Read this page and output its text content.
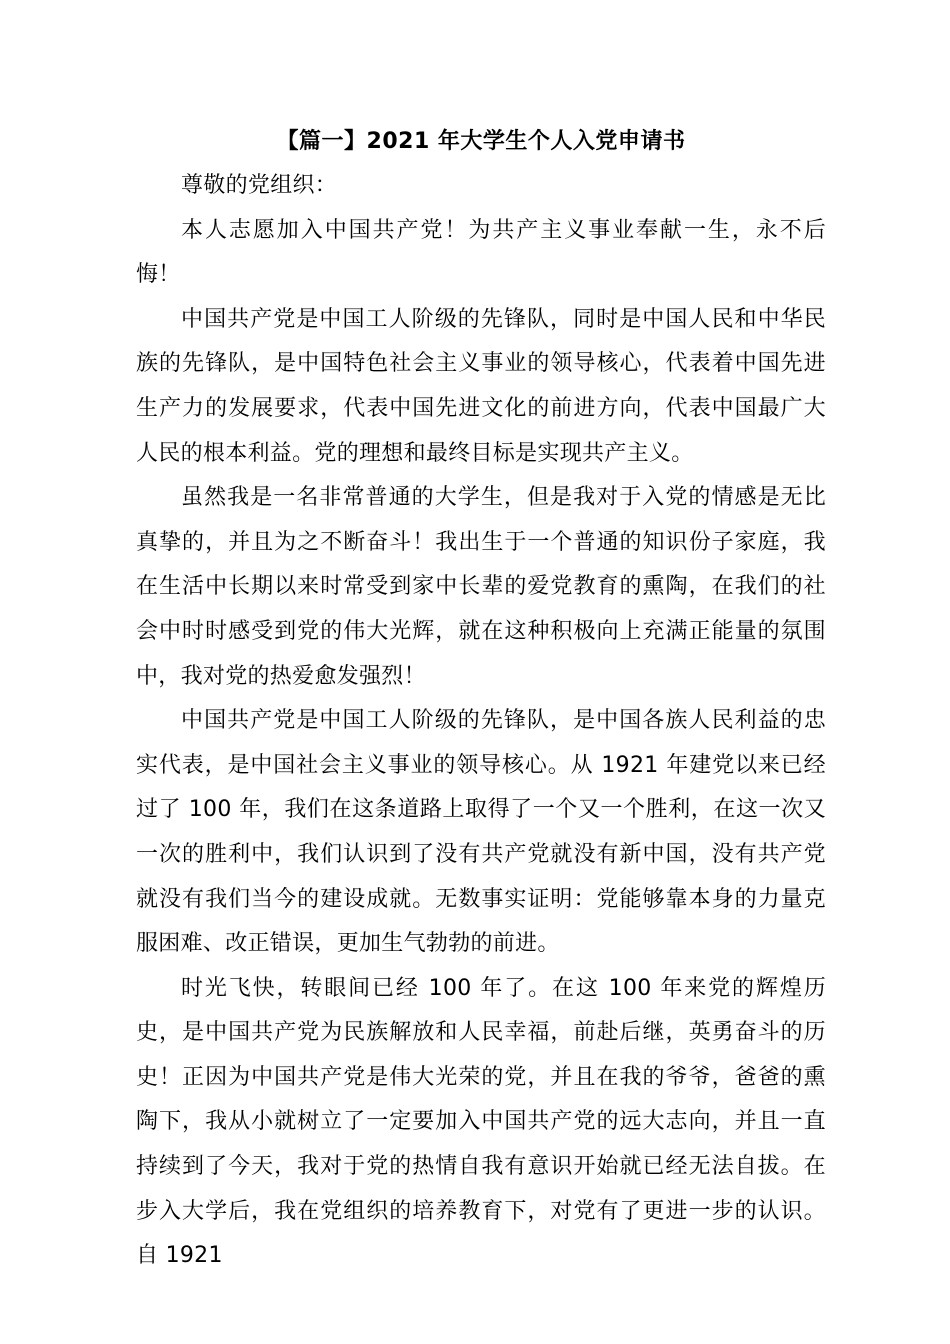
【篇一】2021 年大学生个人入党申请书

尊敬的党组织：

本人志愿加入中国共产党！为共产主义事业奉献一生，永不后悔！

中国共产党是中国工人阶级的先锋队，同时是中国人民和中华民族的先锋队，是中国特色社会主义事业的领导核心，代表着中国先进生产力的发展要求，代表中国先进文化的前进方向，代表中国最广大人民的根本利益。党的理想和最终目标是实现共产主义。

虽然我是一名非常普通的大学生，但是我对于入党的情感是无比真挚的，并且为之不断奋斗！我出生于一个普通的知识份子家庭，我在生活中长期以来时常受到家中长辈的爱党教育的熏陶，在我们的社会中时时感受到党的伟大光辉，就在这种积极向上充满正能量的氛围中，我对党的热爱愈发强烈！

中国共产党是中国工人阶级的先锋队，是中国各族人民利益的忠实代表，是中国社会主义事业的领导核心。从 1921 年建党以来已经过了 100 年，我们在这条道路上取得了一个又一个胜利，在这一次又一次的胜利中，我们认识到了没有共产党就没有新中国，没有共产党就没有我们当今的建设成就。无数事实证明：党能够靠本身的力量克服困难、改正错误，更加生气勃勃的前进。

时光飞快，转眼间已经 100 年了。在这 100 年来党的辉煌历史，是中国共产党为民族解放和人民幸福，前赴后继，英勇奋斗的历史！正因为中国共产党是伟大光荣的党，并且在我的爷爷，爸爸的熏陶下，我从小就树立了一定要加入中国共产党的远大志向，并且一直持续到了今天，我对于党的热情自我有意识开始就已经无法自拔。在步入大学后，我在党组织的培养教育下，对党有了更进一步的认识。自 1921
